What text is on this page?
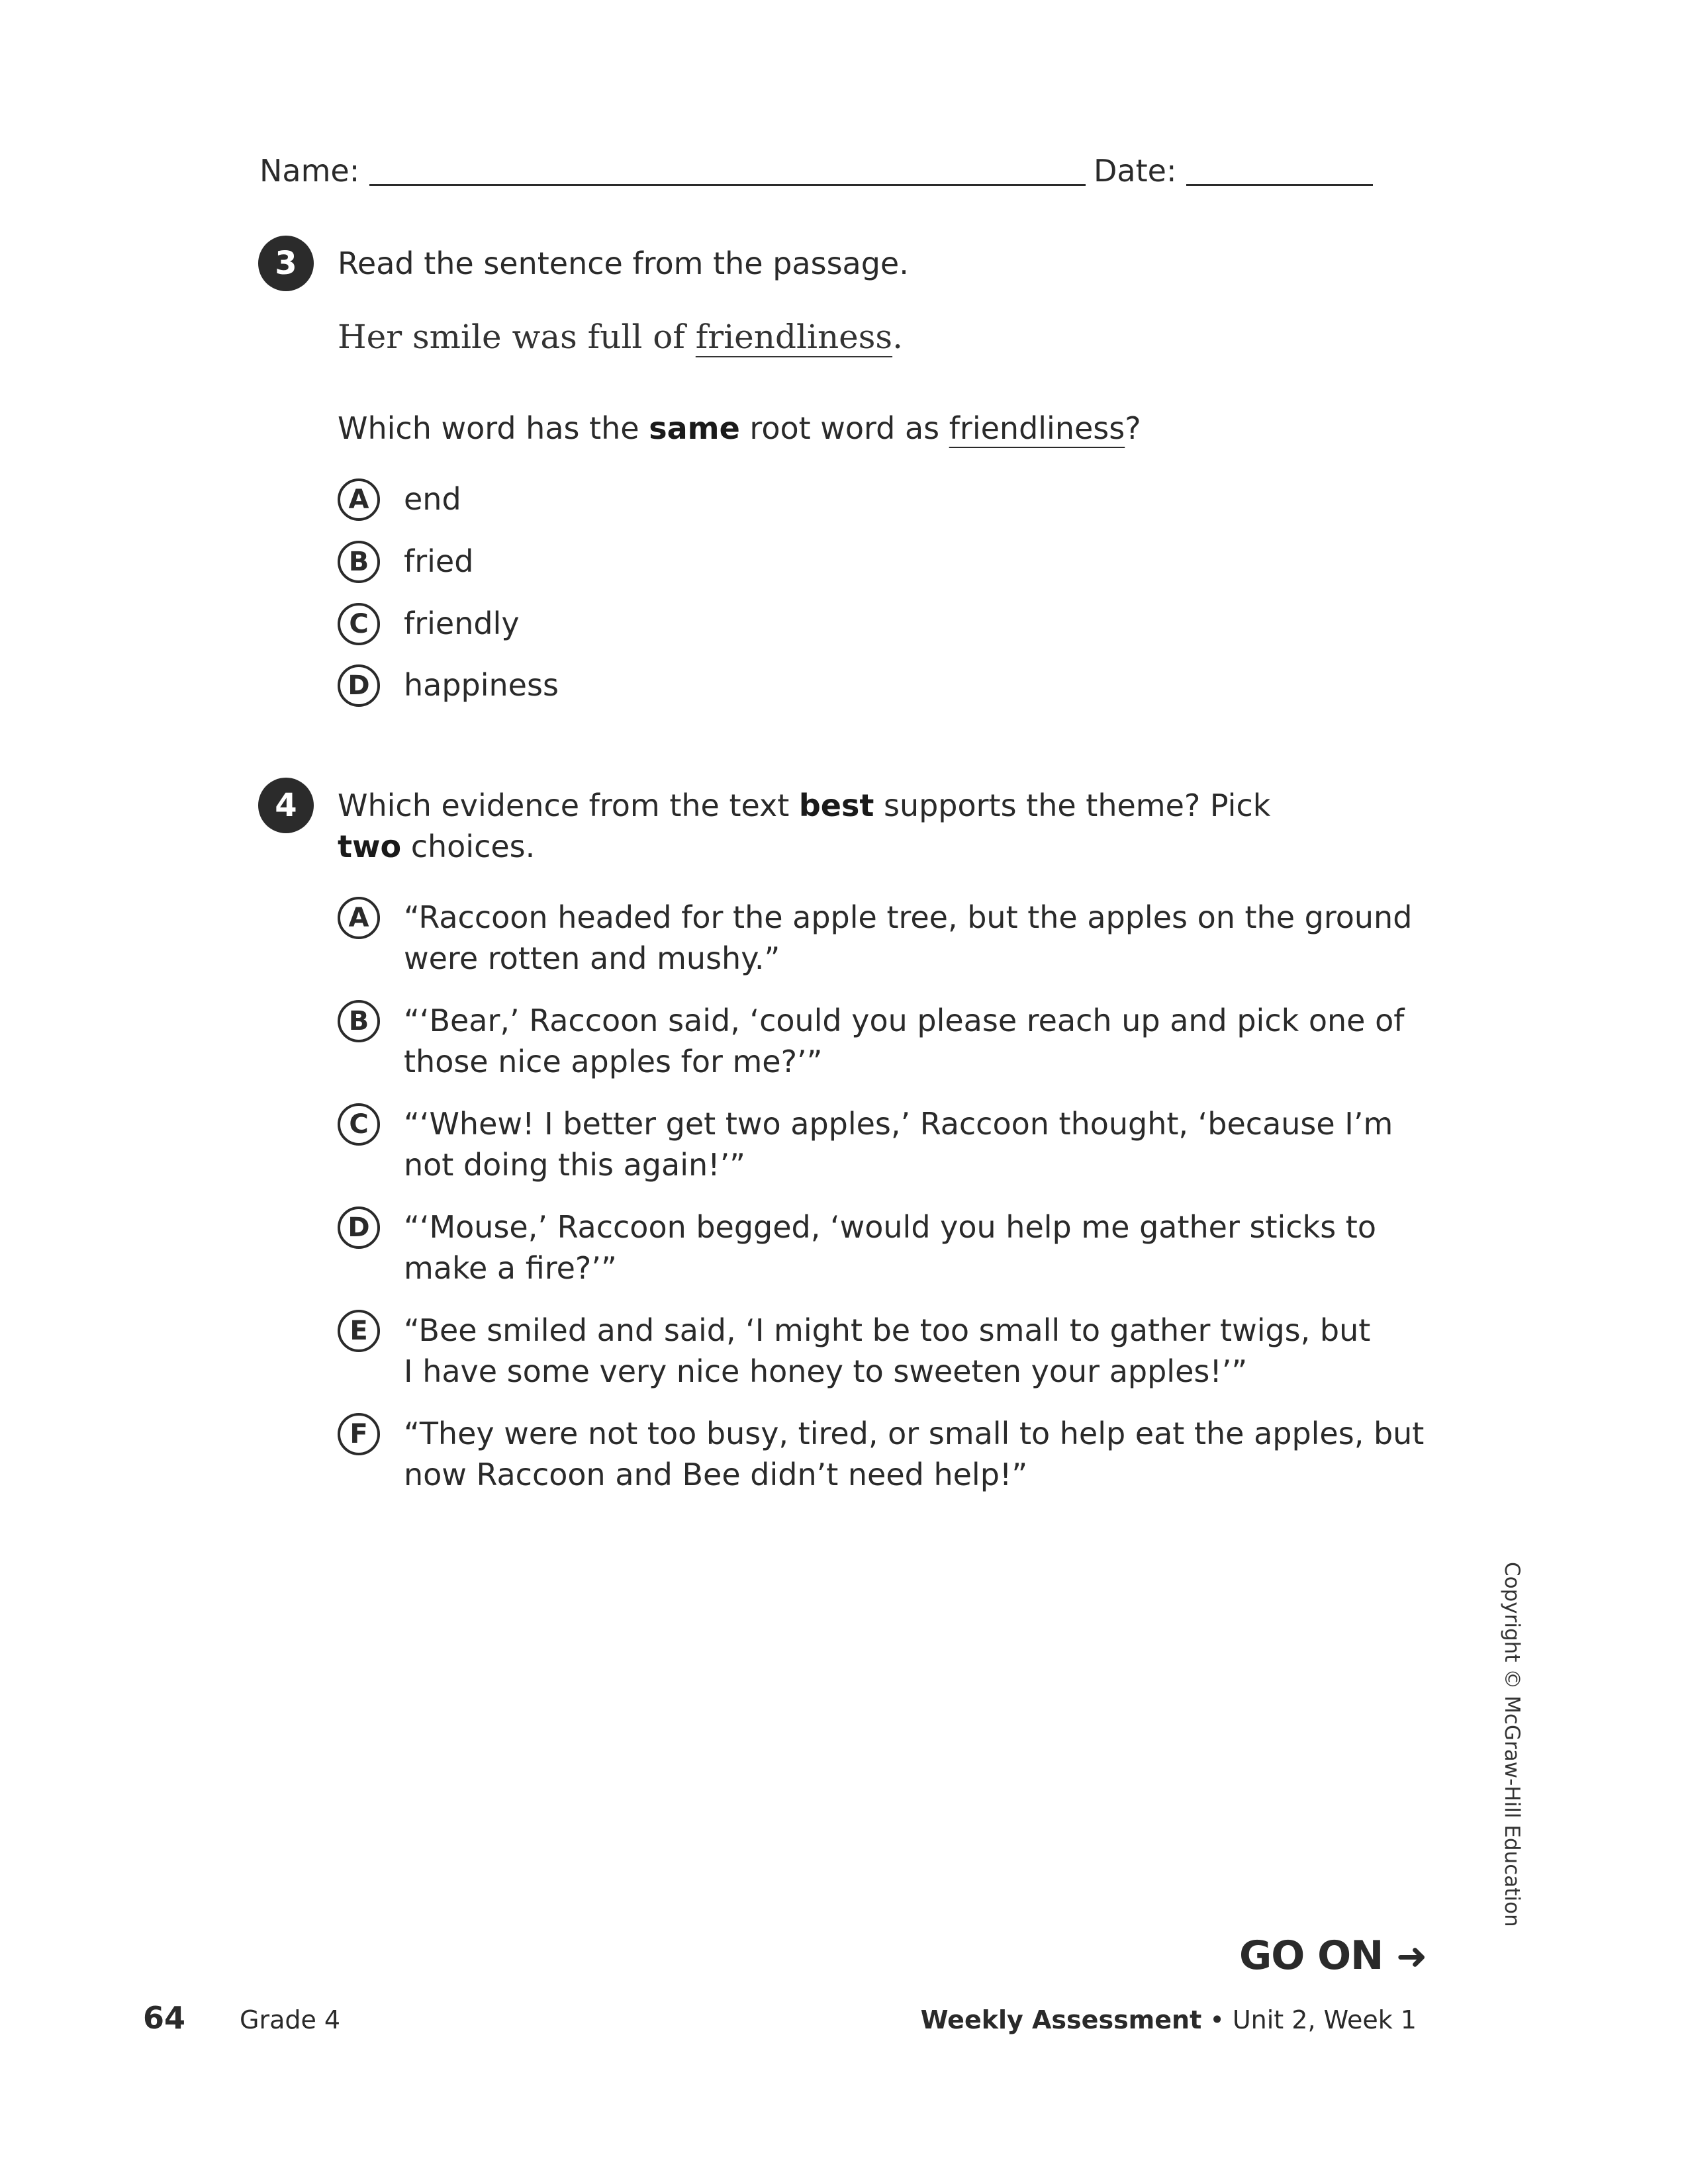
Name:	Date:
3	Read the sentence from the passage.
Her smile was full of friendliness.
Which word has the same root word as friendliness?
A	end
B	fried
C	friendly
D	happiness
4	Which evidence from the text best supports the theme? Pick
two choices.
A	“Raccoon headed for the apple tree, but the apples on the ground
were rotten and mushy.”
B	“‘Bear,’ Raccoon said, ‘could you please reach up and pick one of
those nice apples for me?’”
C	“‘Whew! I better get two apples,’ Raccoon thought, ‘because I’m
not doing this again!’”
D	“‘Mouse,’ Raccoon begged, ‘would you help me gather sticks to
make a fire?’”
E	“Bee smiled and said, ‘I might be too small to gather twigs, but
I have some very nice honey to sweeten your apples!’”
F	“They were not too busy, tired, or small to help eat the apples, but
now Raccoon and Bee didn’t need help!”
Copyright © McGraw-Hill Education
GO ON ➜
64 Grade 4	Weekly Assessment • Unit 2, Week 1
